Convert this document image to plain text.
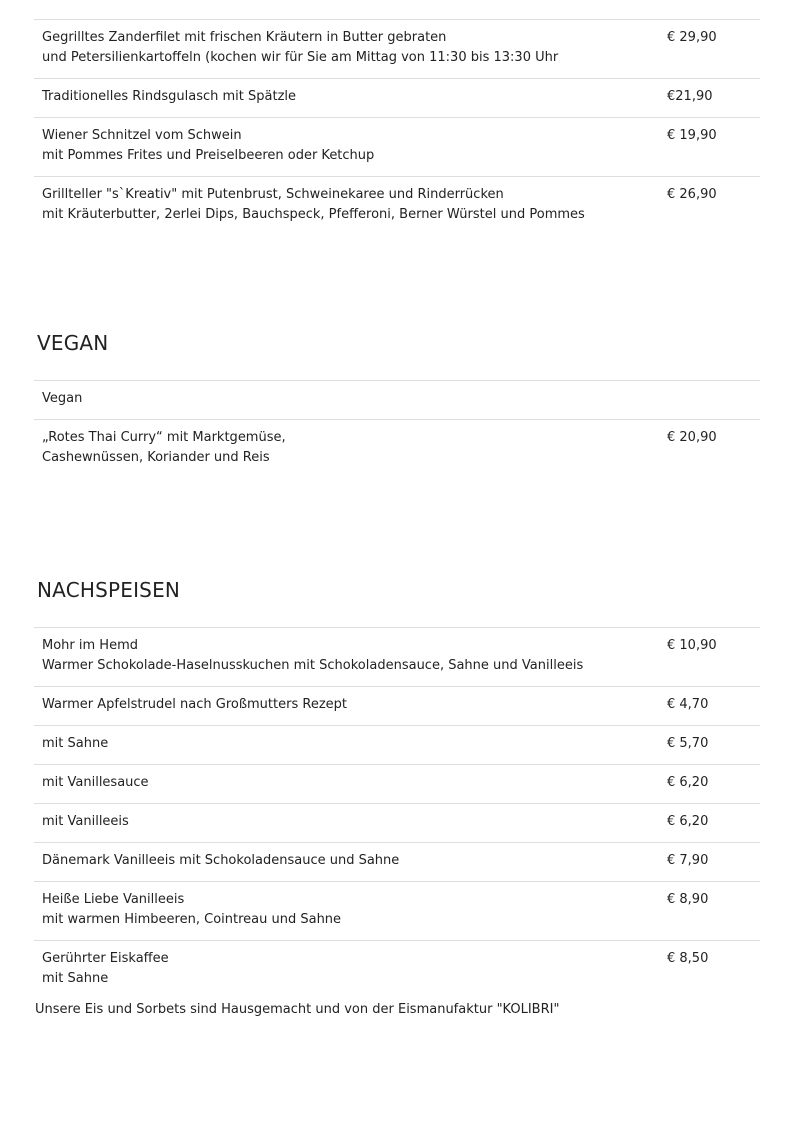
Gegrilltes Zanderfilet mit frischen Kräutern in Butter gebraten
und Petersilienkartoffeln (kochen wir für Sie am Mittag von 11:30 bis 13:30 Uhr	€ 29,90

Traditionelles Rindsgulasch mit Spätzle	€21,90

Wiener Schnitzel vom Schwein
mit Pommes Frites und Preiselbeeren oder Ketchup	€ 19,90

Grillteller "s`Kreativ" mit Putenbrust, Schweinekaree und Rinderrücken
mit Kräuterbutter, 2erlei Dips, Bauchspeck, Pfefferoni, Berner Würstel und Pommes	€ 26,90
VEGAN
Vegan	

„Rotes Thai Curry“ mit Marktgemüse,
Cashewnüssen, Koriander und Reis	€ 20,90
NACHSPEISEN
Mohr im Hemd
Warmer Schokolade-Haselnusskuchen mit Schokoladensauce, Sahne und Vanilleeis	€ 10,90

Warmer Apfelstrudel nach Großmutters Rezept	€ 4,70

mit Sahne	€ 5,70

mit Vanillesauce	€ 6,20

mit Vanilleeis	€ 6,20

Dänemark Vanilleeis mit Schokoladensauce und Sahne	€ 7,90

Heiße Liebe Vanilleeis
mit warmen Himbeeren, Cointreau und Sahne	€ 8,90

Gerührter Eiskaffee
mit Sahne	€ 8,50

Unsere Eis und Sorbets sind Hausgemacht und von der Eismanufaktur "KOLIBRI"
